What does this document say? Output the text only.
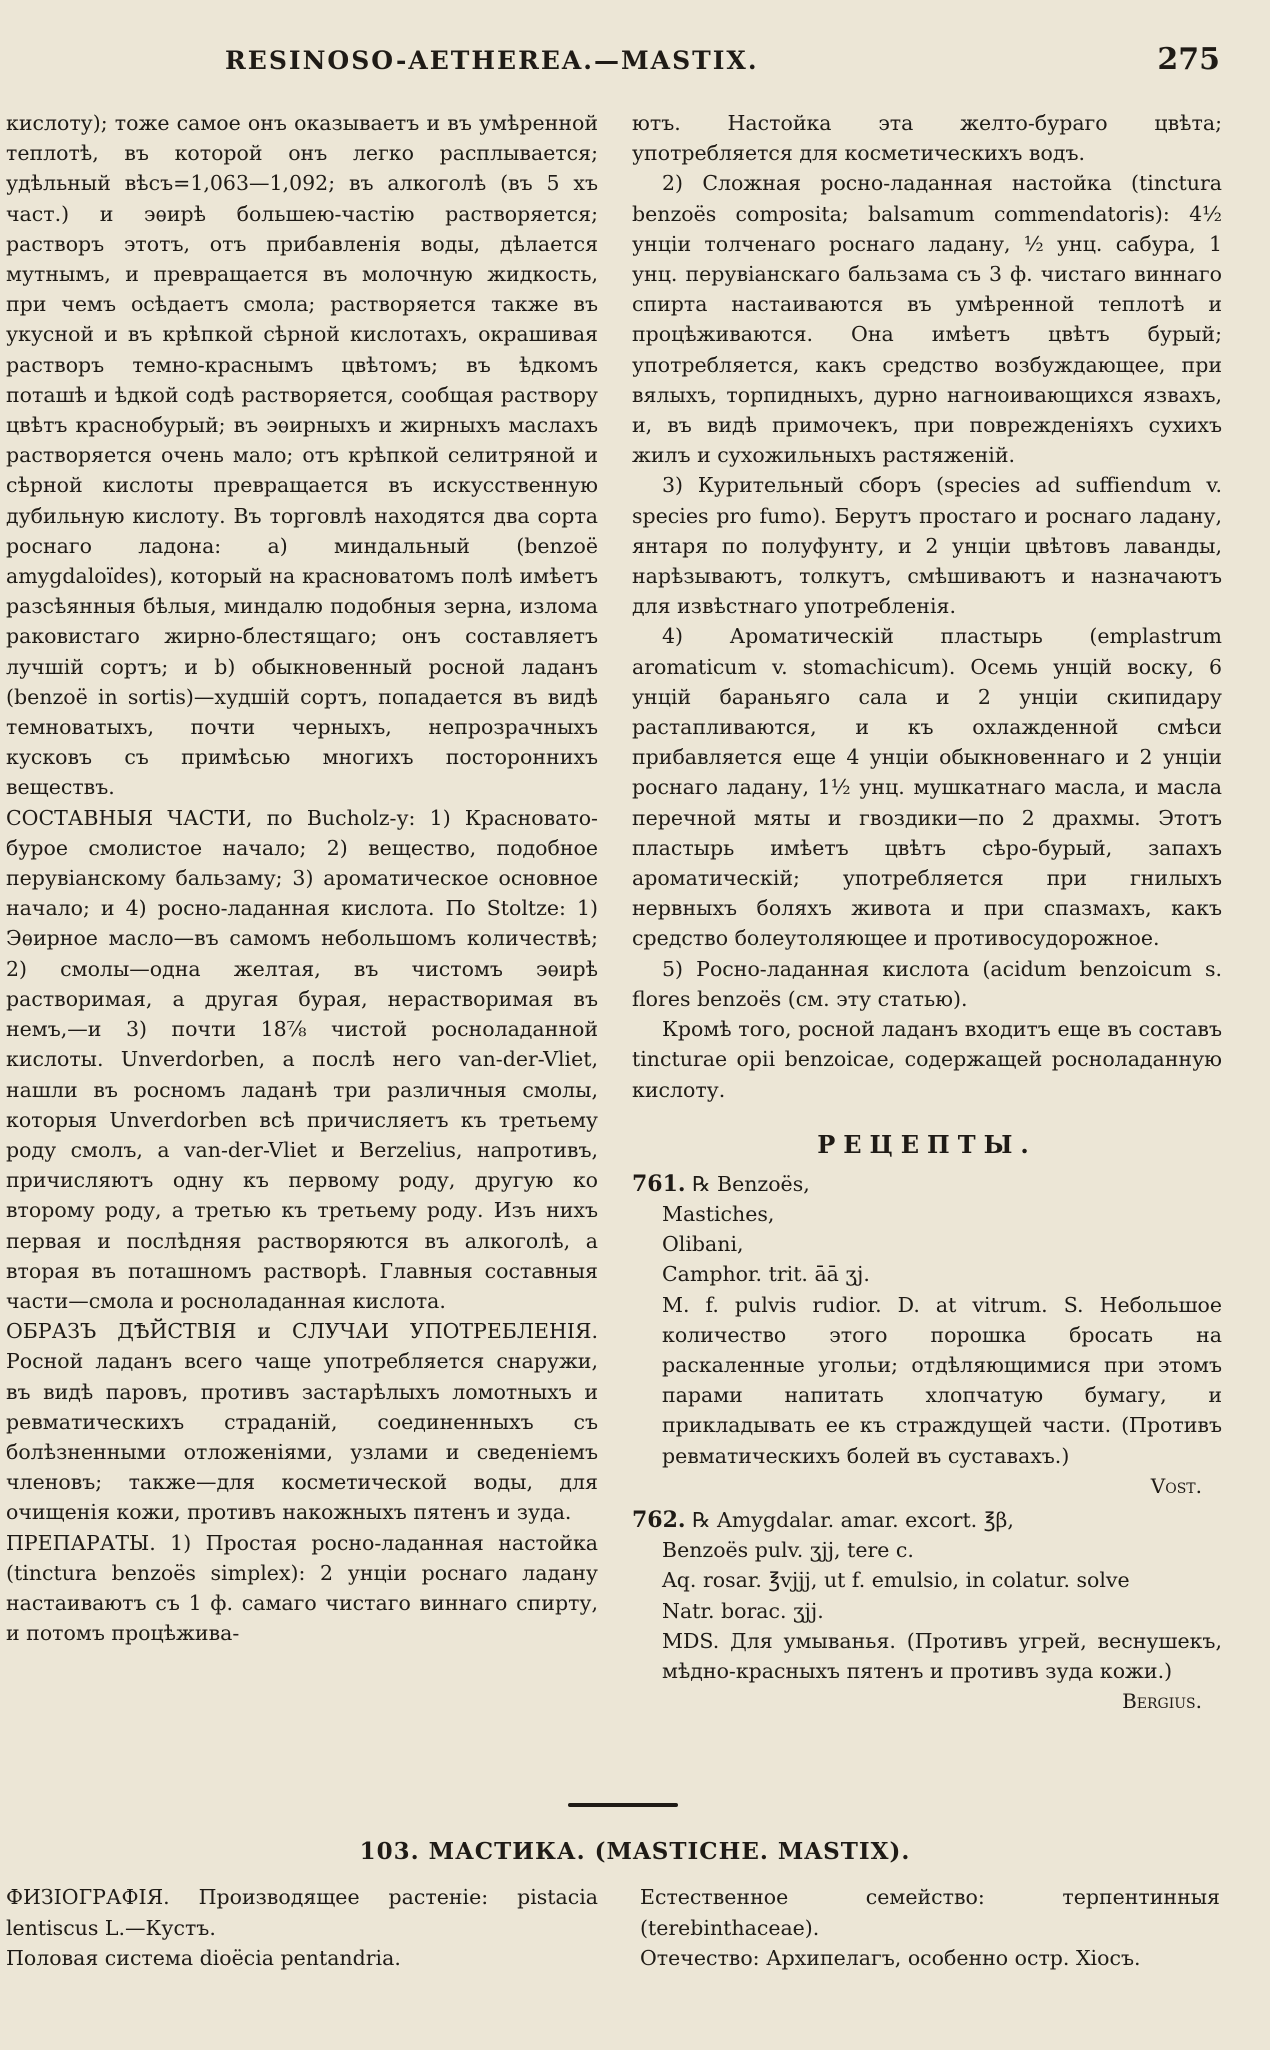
RESINOSO-AETHEREA.—MASTIX.	275

кислоту); тоже самое онъ оказываетъ и въ умѣренной теплотѣ, въ которой онъ легко расплывается; удѣльный вѣсъ=1,063—1,092; въ алкоголѣ (въ 5 хъ част.) и эѳирѣ большею-частію растворяется; растворъ этотъ, отъ прибавленія воды, дѣлается мутнымъ, и превращается въ молочную жидкость, при чемъ осѣдаетъ смола; растворяется также въ укусной и въ крѣпкой сѣрной кислотахъ, окрашивая растворъ темно-краснымъ цвѣтомъ; въ ѣдкомъ поташѣ и ѣдкой содѣ растворяется, сообщая раствору цвѣтъ краснобурый; въ эѳирныхъ и жирныхъ маслахъ растворяется очень мало; отъ крѣпкой селитряной и сѣрной кислоты превращается въ искусственную дубильную кислоту. Въ торговлѣ находятся два сорта роснаго ладона: a) миндальный (benzoë amygdaloïdes), который на красноватомъ полѣ имѣетъ разсѣянныя бѣлыя, миндалю подобныя зерна, излома раковистаго жирно-блестящаго; онъ составляетъ лучшій сортъ; и b) обыкновенный росной ладанъ (benzoë in sortis)—худшій сортъ, попадается въ видѣ темноватыхъ, почти черныхъ, непрозрачныхъ кусковъ съ примѣсью многихъ постороннихъ веществъ.

СОСТАВНЫЯ ЧАСТИ, по Bucholz-у: 1) Красновато-бурое смолистое начало; 2) вещество, подобное перувіанскому бальзаму; 3) ароматическое основное начало; и 4) росно-ладанная кислота. По Stoltze: 1) Эѳирное масло—въ самомъ небольшомъ количествѣ; 2) смолы—одна желтая, въ чистомъ эѳирѣ растворимая, а другая бурая, нерастворимая въ немъ,—и 3) почти 18⅞ чистой росноладанной кислоты. Unverdorben, а послѣ него van-der-Vliet, нашли въ росномъ ладанѣ три различныя смолы, которыя Unverdorben всѣ причисляетъ къ третьему роду смолъ, а van-der-Vliet и Berzelius, напротивъ, причисляютъ одну къ первому роду, другую ко второму роду, а третью къ третьему роду. Изъ нихъ первая и послѣдняя растворяются въ алкоголѣ, а вторая въ поташномъ растворѣ. Главныя составныя части—смола и росноладанная кислота.

ОБРАЗЪ ДѢЙСТВІЯ и СЛУЧАИ УПОТРЕБЛЕНІЯ. Росной ладанъ всего чаще употребляется снаружи, въ видѣ паровъ, противъ застарѣлыхъ ломотныхъ и ревматическихъ страданій, соединенныхъ съ болѣзненными отложеніями, узлами и сведеніемъ членовъ; также—для косметической воды, для очищенія кожи, противъ накожныхъ пятенъ и зуда.

ПРЕПАРАТЫ. 1) Простая росно-ладанная настойка (tinctura benzoës simplex): 2 унціи роснаго ладану настаиваютъ съ 1 ф. самаго чистаго виннаго спирту, и потомъ процѣживa-

ютъ. Настойка эта желто-бураго цвѣта; употребляется для косметическихъ водъ.

2) Сложная росно-ладанная настойка (tinctura benzoës composita; balsamum commendatoris): 4½ унціи толченаго роснаго ладану, ½ унц. сабура, 1 унц. перувіанскаго бальзама съ 3 ф. чистаго виннаго спирта настаиваются въ умѣренной теплотѣ и процѣживаются. Она имѣетъ цвѣтъ бурый; употребляется, какъ средство возбуждающее, при вялыхъ, торпидныхъ, дурно нагноивающихся язвахъ, и, въ видѣ примочекъ, при поврежденіяхъ сухихъ жилъ и сухожильныхъ растяженій.

3) Курительный сборъ (species ad suffiendum v. species pro fumo). Берутъ простаго и роснаго ладану, янтаря по полуфунту, и 2 унціи цвѣтовъ лаванды, нарѣзываютъ, толкутъ, смѣшиваютъ и назначаютъ для извѣстнаго употребленія.

4) Ароматическій пластырь (emplastrum aromaticum v. stomachicum). Осемь унцій воску, 6 унцій бараньяго сала и 2 унціи скипидару растапливаются, и къ охлажденной смѣси прибавляется еще 4 унціи обыкновеннаго и 2 унціи роснаго ладану, 1½ унц. мушкатнаго масла, и масла перечной мяты и гвоздики—по 2 драхмы. Этотъ пластырь имѣетъ цвѣтъ сѣро-бурый, запахъ ароматическій; употребляется при гнилыхъ нервныхъ боляхъ живота и при спазмахъ, какъ средство болеутоляющее и противосудорожное.

5) Росно-ладанная кислота (acidum benzoicum s. flores benzoës (см. эту статью).

Кромѣ того, росной ладанъ входитъ еще въ составъ tincturae opii benzoicae, содержащей росноладанную кислоту.

РЕЦЕПТЫ.

761. ℞ Benzoës,

Mastiches,

Olibani,

Camphor. trit. āā ʒj.

M. f. pulvis rudior. D. at vitrum. S. Небольшое количество этого порошка бросать на раскаленные угольи; отдѣляющимися при этомъ парами напитать хлопчатую бумагу, и прикладывать ее къ страждущей части. (Противъ ревматическихъ болей въ суставахъ.)

Vost.

762. ℞ Amygdalar. amar. excort. ℥β,

Benzoës pulv. ʒjj, tere c.

Aq. rosar. ℥vjjj, ut f. emulsio, in colatur. solve

Natr. borac. ʒjj.

MDS. Для умыванья. (Противъ угрей, веснушекъ, мѣдно-красныхъ пятенъ и противъ зуда кожи.)

Bergius.

103. МАСТИКА. (MASTICHE. MASTIX).

ФИЗІОГРАФІЯ. Производящее растеніе: pistacia lentiscus L.—Кустъ.

Половая система dioëcia pentandria.

Естественное семейство: терпентинныя (terebinthaceae).

Отечество: Архипелагъ, особенно остр. Хіосъ.
